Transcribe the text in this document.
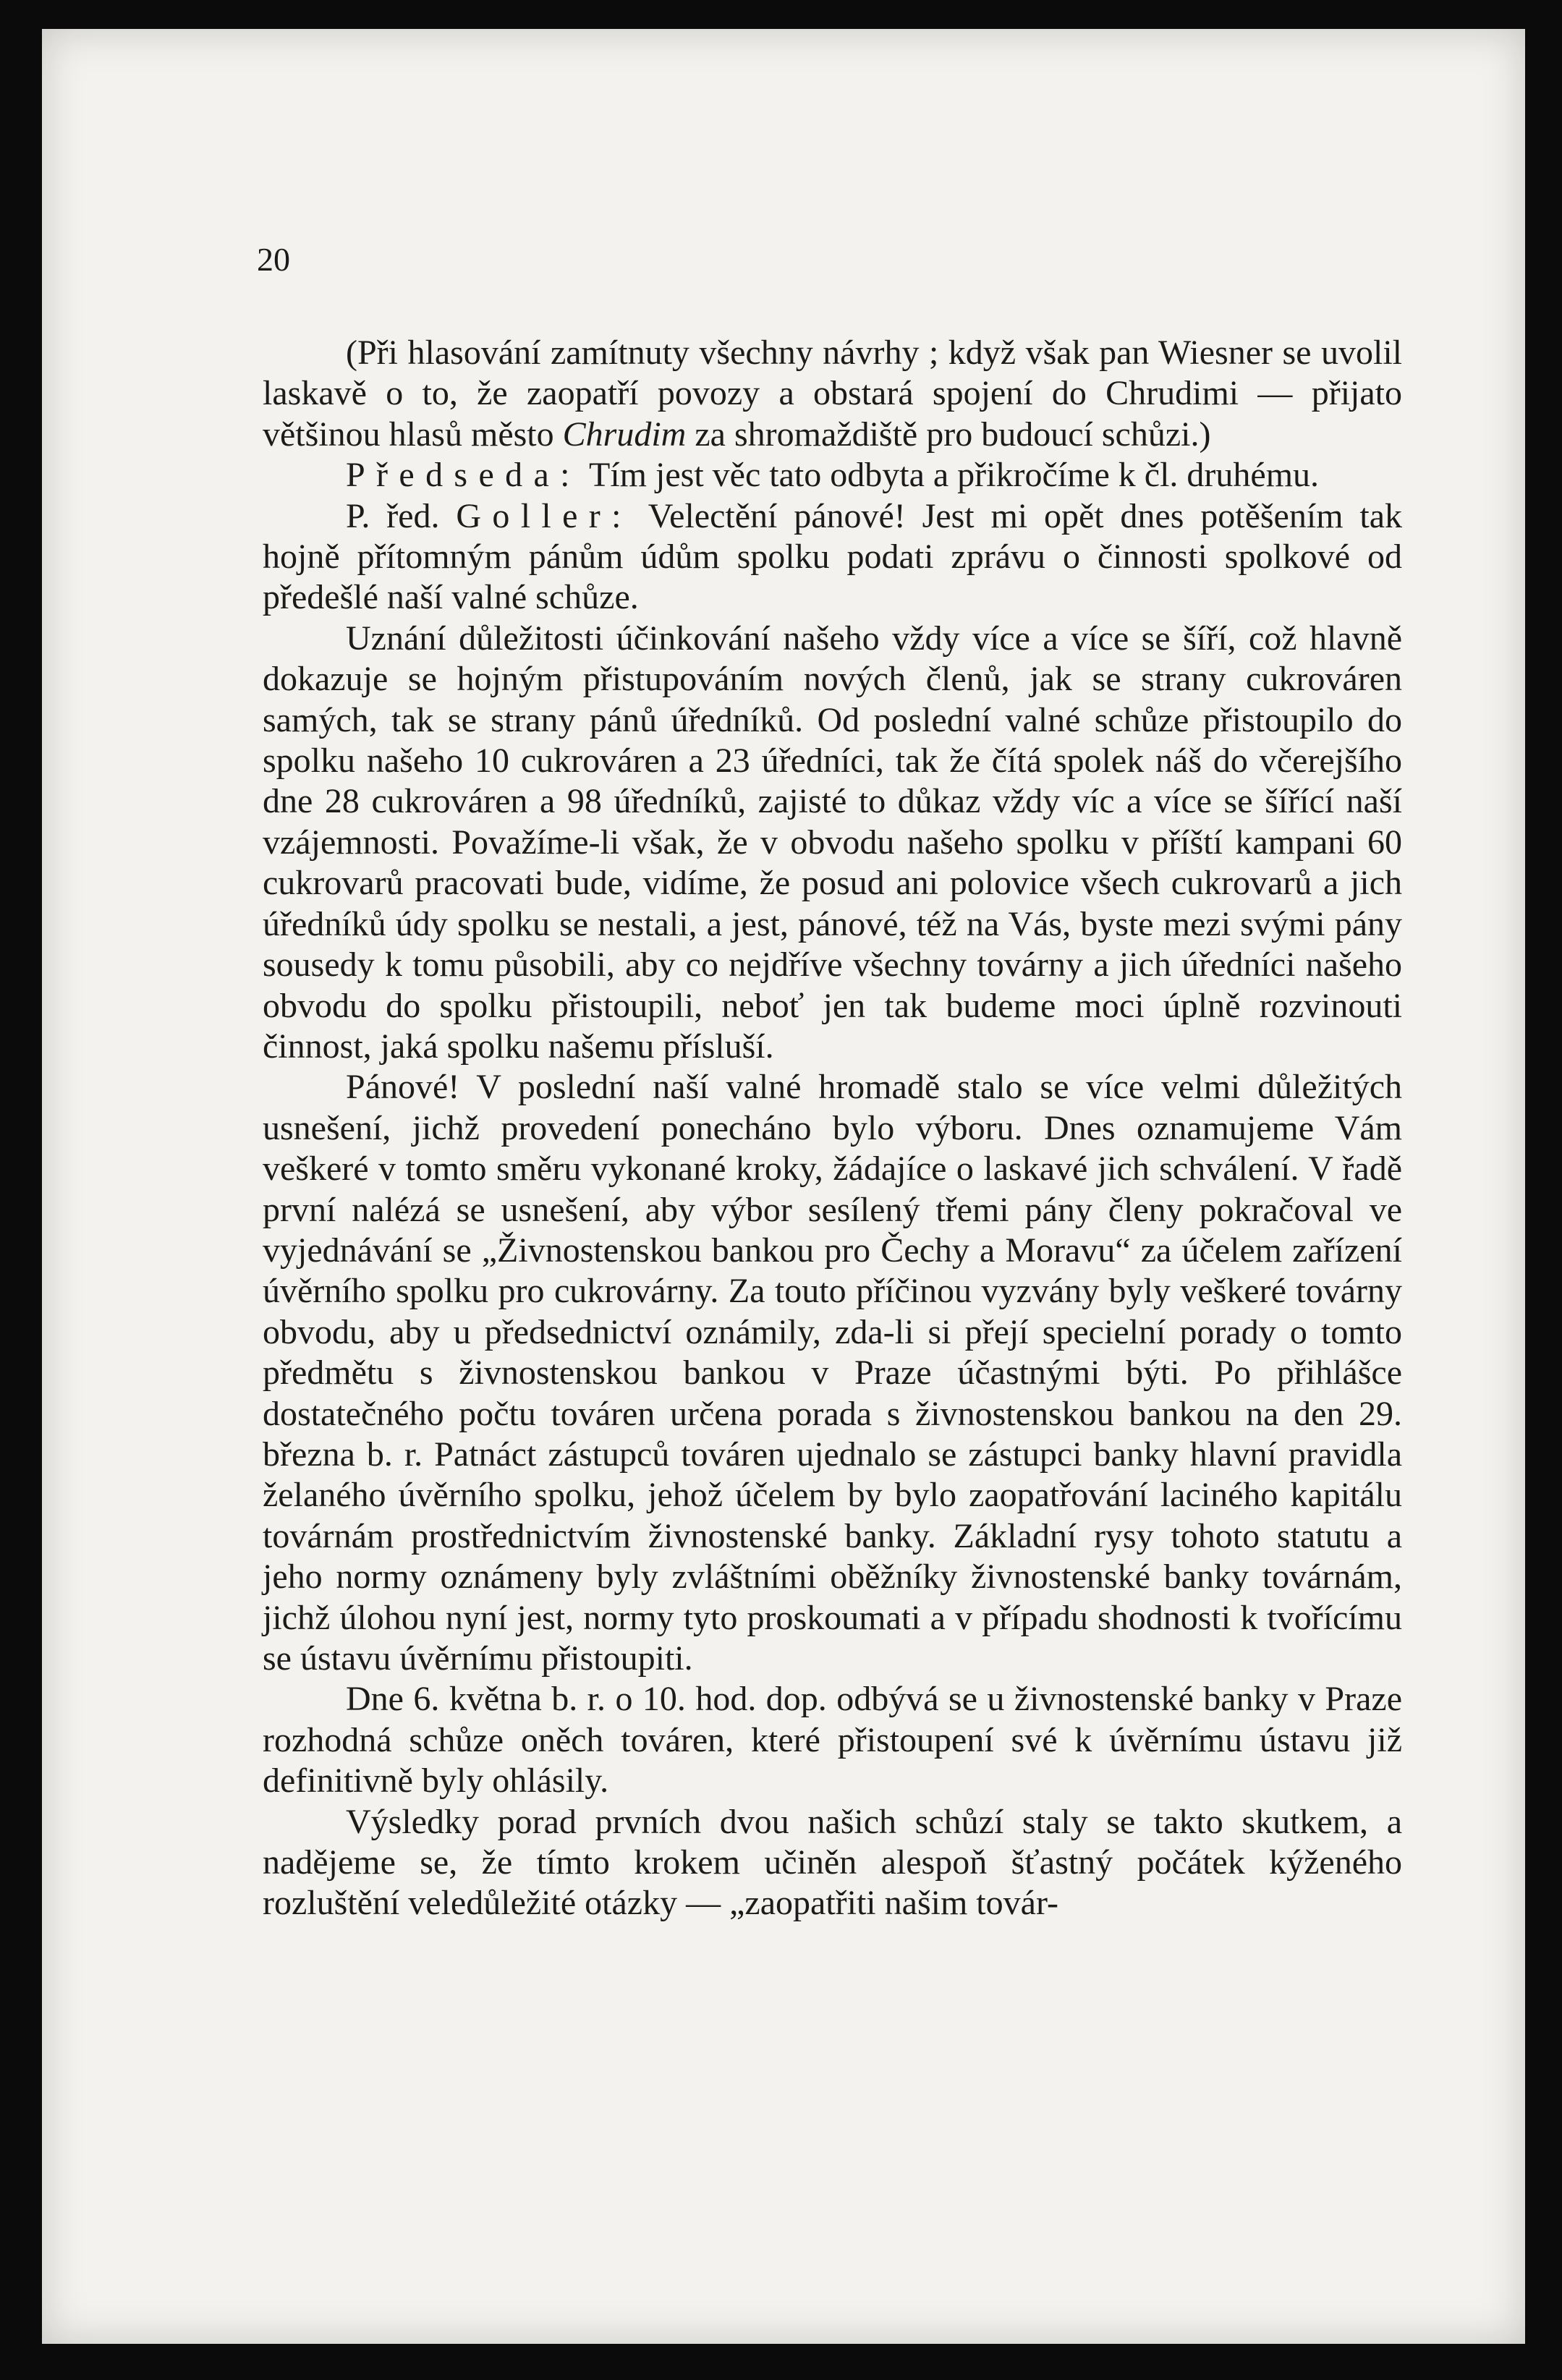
20

(Při hlasování zamítnuty všechny návrhy ; když však pan Wiesner se uvolil laskavě o to, že zaopatří povozy a obstará spojení do Chrudimi — přijato většinou hlasů město Chrudim za shromaždiště pro budoucí schůzi.)

Předseda: Tím jest věc tato odbyta a přikročíme k čl. druhému.

P. řed. Goller: Velectění pánové! Jest mi opět dnes potěšením tak hojně přítomným pánům údům spolku podati zprávu o činnosti spolkové od předešlé naší valné schůze.

Uznání důležitosti účinkování našeho vždy více a více se šíří, což hlavně dokazuje se hojným přistupováním nových členů, jak se strany cukrováren samých, tak se strany pánů úředníků. Od poslední valné schůze přistoupilo do spolku našeho 10 cukrováren a 23 úředníci, tak že čítá spolek náš do včerejšího dne 28 cukrováren a 98 úředníků, zajisté to důkaz vždy víc a více se šířící naší vzájemnosti. Považíme-li však, že v obvodu našeho spolku v příští kampani 60 cukrovarů pracovati bude, vidíme, že posud ani polovice všech cukrovarů a jich úředníků údy spolku se nestali, a jest, pánové, též na Vás, byste mezi svými pány sousedy k tomu působili, aby co nejdříve všechny továrny a jich úředníci našeho obvodu do spolku přistoupili, neboť jen tak budeme moci úplně rozvinouti činnost, jaká spolku našemu přísluší.

Pánové! V poslední naší valné hromadě stalo se více velmi důležitých usnešení, jichž provedení ponecháno bylo výboru. Dnes oznamujeme Vám veškeré v tomto směru vykonané kroky, žádajíce o laskavé jich schválení. V řadě první nalézá se usnešení, aby výbor sesílený třemi pány členy pokračoval ve vyjednávání se „Živnostenskou bankou pro Čechy a Moravu“ za účelem zařízení úvěrního spolku pro cukrovárny. Za touto příčinou vyzvány byly veškeré továrny obvodu, aby u předsednictví oznámily, zda-li si přejí specielní porady o tomto předmětu s živnostenskou bankou v Praze účastnými býti. Po přihlášce dostatečného počtu továren určena porada s živnostenskou bankou na den 29. března b. r. Patnáct zástupců továren ujednalo se zástupci banky hlavní pravidla želaného úvěrního spolku, jehož účelem by bylo zaopatřování laciného kapitálu továrnám prostřednictvím živnostenské banky. Základní rysy tohoto statutu a jeho normy oznámeny byly zvláštními oběžníky živnostenské banky továrnám, jichž úlohou nyní jest, normy tyto proskoumati a v případu shodnosti k tvořícímu se ústavu úvěrnímu přistoupiti.

Dne 6. května b. r. o 10. hod. dop. odbývá se u živnostenské banky v Praze rozhodná schůze oněch továren, které přistoupení své k úvěrnímu ústavu již definitivně byly ohlásily.

Výsledky porad prvních dvou našich schůzí staly se takto skutkem, a nadějeme se, že tímto krokem učiněn alespoň šťastný počátek kýženého rozluštění veledůležité otázky — „zaopatřiti našim továr-
